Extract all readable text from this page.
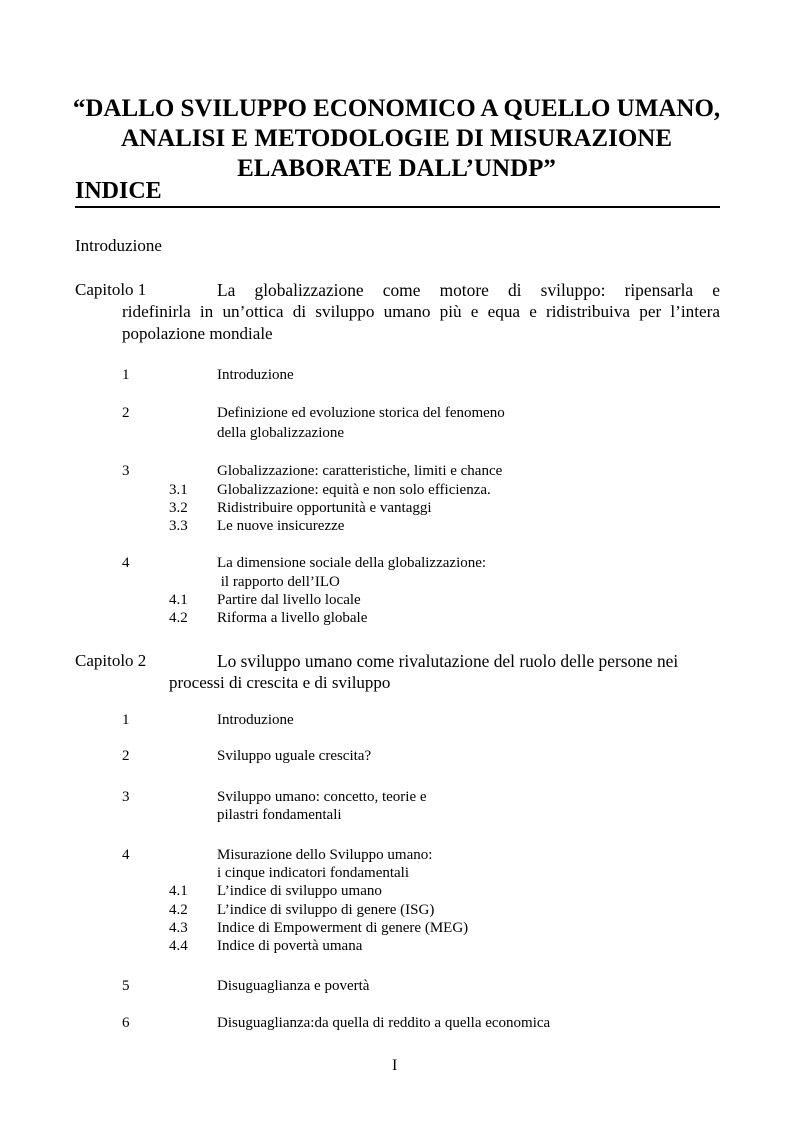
“DALLO SVILUPPO ECONOMICO A QUELLO UMANO,
ANALISI E METODOLOGIE DI MISURAZIONE
ELABORATE DALL’UNDP”
INDICE
Introduzione
Capitolo 1	La globalizzazione come motore di sviluppo: ripensarla e
ridefinirla in un’ottica di sviluppo umano più e equa e ridistribuiva per l’intera
popolazione mondiale
1	Introduzione
2	Definizione ed evoluzione storica del fenomeno
della globalizzazione
3	Globalizzazione: caratteristiche, limiti e chance
3.1 Globalizzazione: equità e non solo efficienza.
3.2 Ridistribuire opportunità e vantaggi
3.3 Le nuove insicurezze
4	La dimensione sociale della globalizzazione:
il rapporto dell’ILO
4.1 Partire dal livello locale
4.2 Riforma a livello globale
Capitolo 2	Lo sviluppo umano come rivalutazione del ruolo delle persone nei
processi di crescita e di sviluppo
1	Introduzione
2	Sviluppo uguale crescita?
3	Sviluppo umano: concetto, teorie e
pilastri fondamentali
4	Misurazione dello Sviluppo umano:
i cinque indicatori fondamentali
4.1 L’indice di sviluppo umano
4.2 L’indice di sviluppo di genere (ISG)
4.3 Indice di Empowerment di genere (MEG)
4.4 Indice di povertà umana
5	Disuguaglianza e povertà
6	Disuguaglianza:da quella di reddito a quella economica
I
